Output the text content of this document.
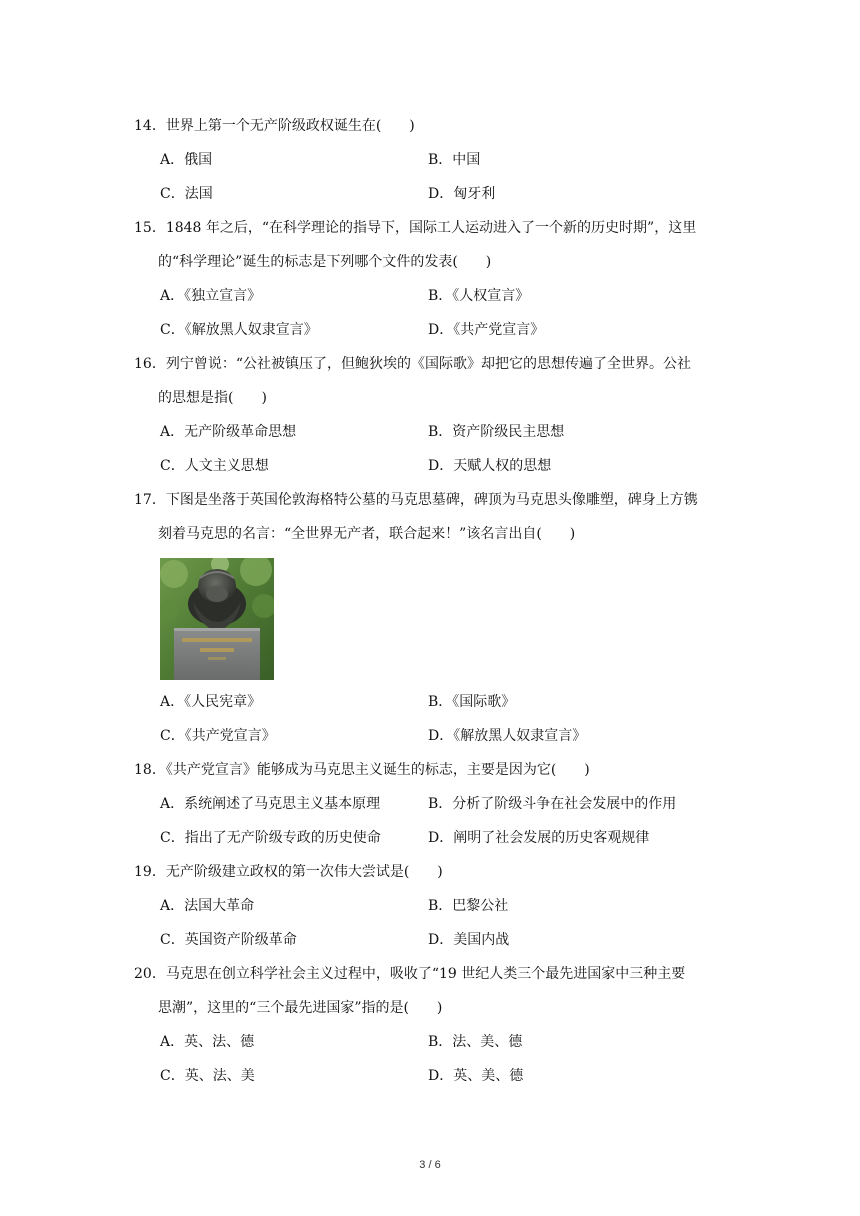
14．世界上第一个无产阶级政权诞生在(　　)
A．俄国	B．中国
C．法国	D．匈牙利
15．1848 年之后，“在科学理论的指导下，国际工人运动进入了一个新的历史时期”，这里
的“科学理论”诞生的标志是下列哪个文件的发表(　　)
A．《独立宣言》	B．《人权宣言》
C．《解放黑人奴隶宣言》	D．《共产党宣言》
16．列宁曾说：“公社被镇压了，但鲍狄埃的《国际歌》却把它的思想传遍了全世界。公社
的思想是指(　　)
A．无产阶级革命思想	B．资产阶级民主思想
C．人文主义思想	D．天赋人权的思想
17．下图是坐落于英国伦敦海格特公墓的马克思墓碑，碑顶为马克思头像雕塑，碑身上方镌
刻着马克思的名言：“全世界无产者，联合起来！”该名言出自(　　)
A．《人民宪章》	B．《国际歌》
C．《共产党宣言》	D．《解放黑人奴隶宣言》
18．《共产党宣言》能够成为马克思主义诞生的标志，主要是因为它(　　)
A．系统阐述了马克思主义基本原理	B．分析了阶级斗争在社会发展中的作用
C．指出了无产阶级专政的历史使命	D．阐明了社会发展的历史客观规律
19．无产阶级建立政权的第一次伟大尝试是(　　)
A．法国大革命	B．巴黎公社
C．英国资产阶级革命	D．美国内战
20．马克思在创立科学社会主义过程中，吸收了“19 世纪人类三个最先进国家中三种主要
思潮”，这里的“三个最先进国家”指的是(　　)
A．英、法、德	B．法、美、德
C．英、法、美	D．英、美、德
3 / 6
